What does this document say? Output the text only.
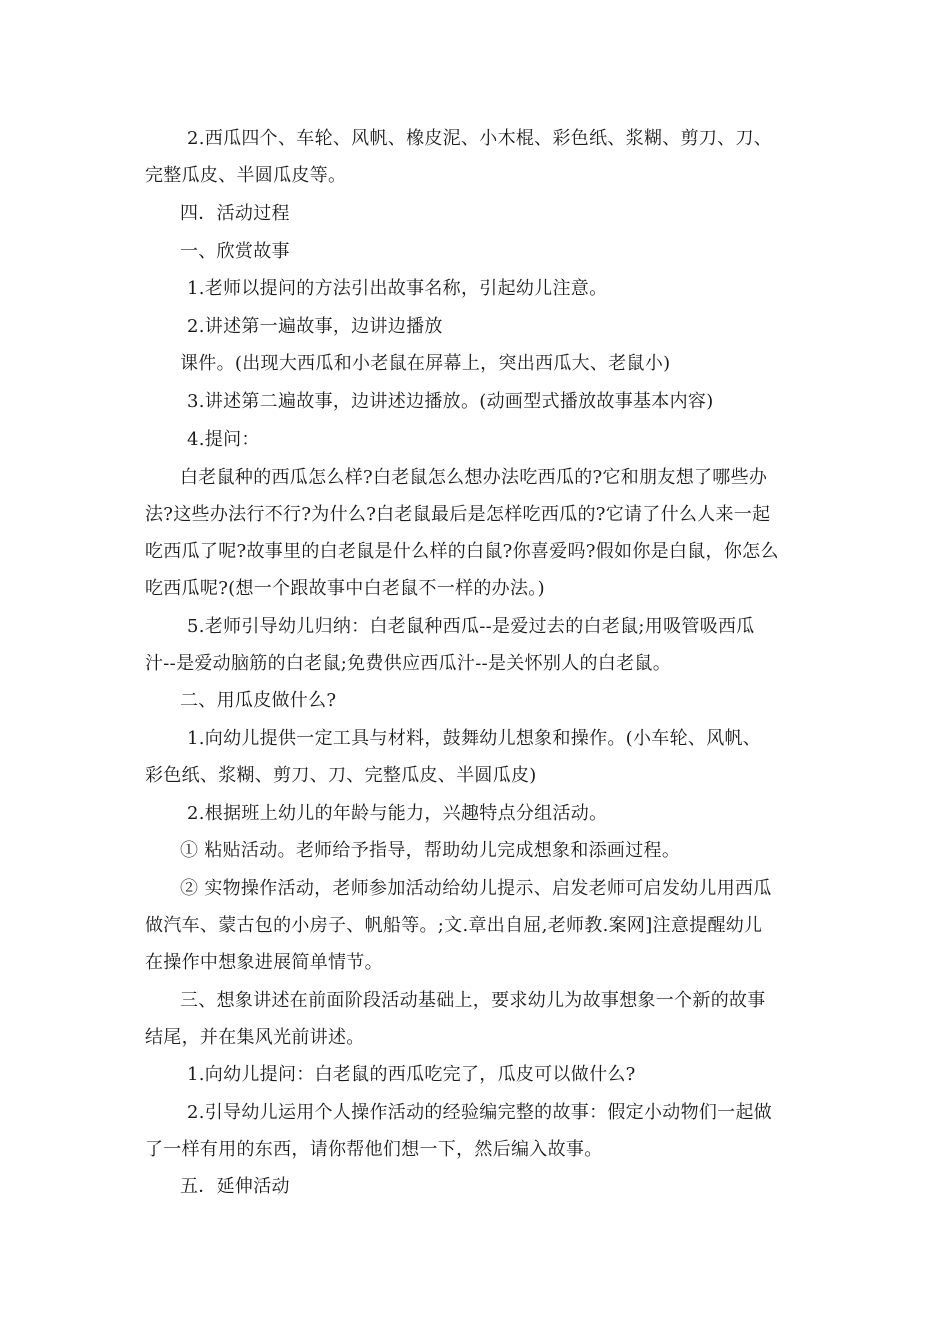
2.西瓜四个、车轮、风帆、橡皮泥、小木棍、彩色纸、浆糊、剪刀、刀、
完整瓜皮、半圆瓜皮等。
四．活动过程
一、欣赏故事
1.老师以提问的方法引出故事名称，引起幼儿注意。
2.讲述第一遍故事，边讲边播放
课件。(出现大西瓜和小老鼠在屏幕上，突出西瓜大、老鼠小)
3.讲述第二遍故事，边讲述边播放。(动画型式播放故事基本内容)
4.提问：
白老鼠种的西瓜怎么样?白老鼠怎么想办法吃西瓜的?它和朋友想了哪些办
法?这些办法行不行?为什么?白老鼠最后是怎样吃西瓜的?它请了什么人来一起
吃西瓜了呢?故事里的白老鼠是什么样的白鼠?你喜爱吗?假如你是白鼠，你怎么
吃西瓜呢?(想一个跟故事中白老鼠不一样的办法。)
5.老师引导幼儿归纳：白老鼠种西瓜--是爱过去的白老鼠;用吸管吸西瓜
汁--是爱动脑筋的白老鼠;免费供应西瓜汁--是关怀别人的白老鼠。
二、用瓜皮做什么?
1.向幼儿提供一定工具与材料，鼓舞幼儿想象和操作。(小车轮、风帆、
彩色纸、浆糊、剪刀、刀、完整瓜皮、半圆瓜皮)
2.根据班上幼儿的年龄与能力，兴趣特点分组活动。
① 粘贴活动。老师给予指导，帮助幼儿完成想象和添画过程。
② 实物操作活动，老师参加活动给幼儿提示、启发老师可启发幼儿用西瓜
做汽车、蒙古包的小房子、帆船等。;文.章出自屈,老师教.案网]注意提醒幼儿
在操作中想象进展简单情节。
三、想象讲述在前面阶段活动基础上，要求幼儿为故事想象一个新的故事
结尾，并在集风光前讲述。
1.向幼儿提问：白老鼠的西瓜吃完了，瓜皮可以做什么?
2.引导幼儿运用个人操作活动的经验编完整的故事：假定小动物们一起做
了一样有用的东西，请你帮他们想一下，然后编入故事。
五．延伸活动
